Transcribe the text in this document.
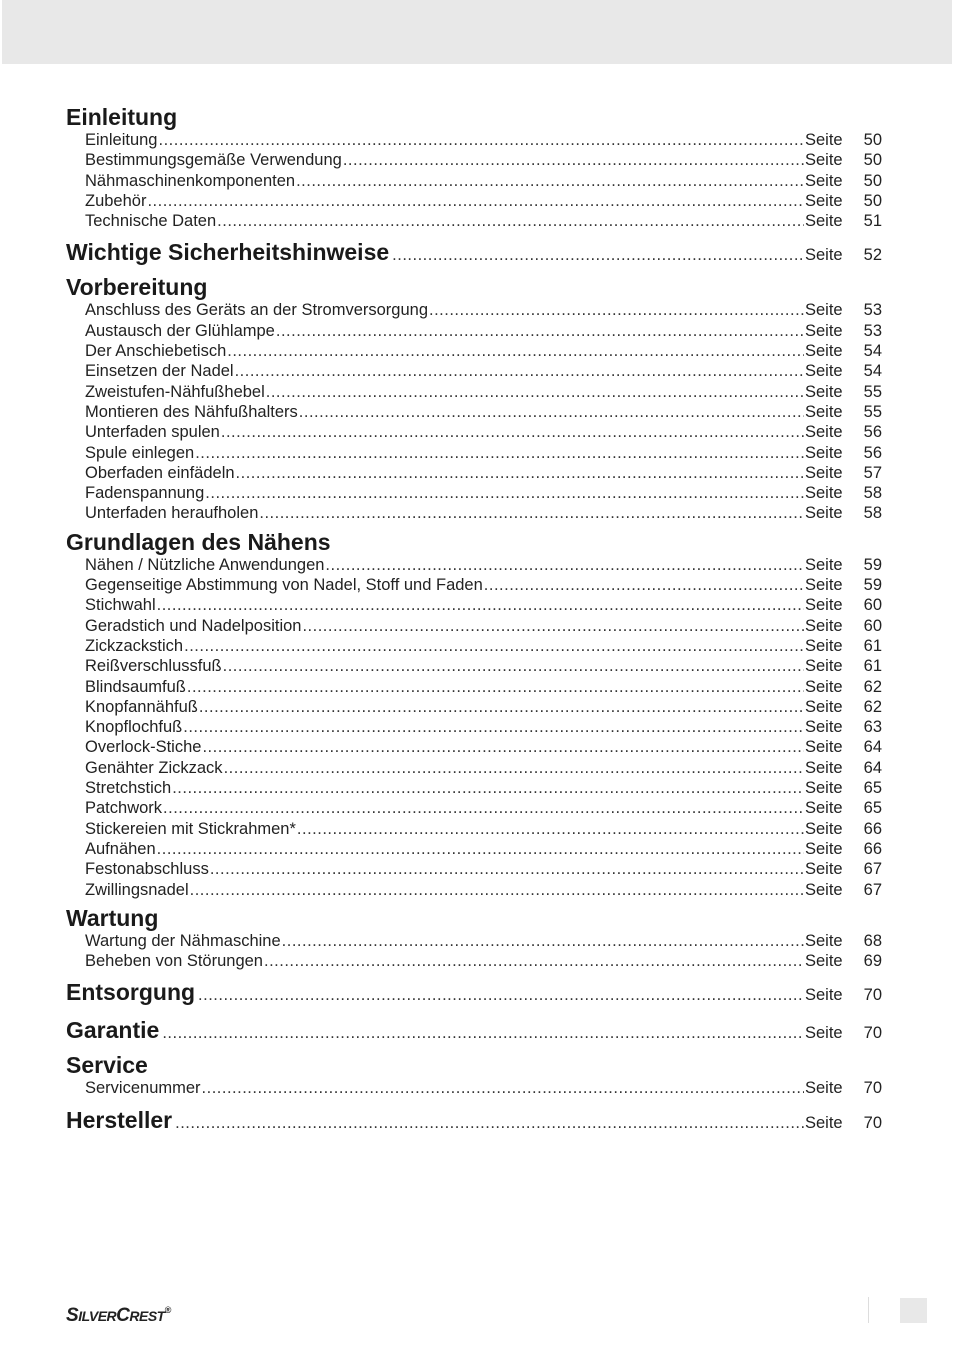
Einleitung
Einleitung .....	Seite	50
Bestimmungsgemäße Verwendung .....	Seite	50
Nähmaschinenkomponenten .....	Seite	50
Zubehör .....	Seite	50
Technische Daten .....	Seite	51
Wichtige Sicherheitshinweise .....	Seite	52
Vorbereitung
Anschluss des Geräts an der Stromversorgung .....	Seite	53
Austausch der Glühlampe .....	Seite	53
Der Anschiebetisch .....	Seite	54
Einsetzen der Nadel .....	Seite	54
Zweistufen-Nähfußhebel .....	Seite	55
Montieren des Nähfußhalters .....	Seite	55
Unterfaden spulen .....	Seite	56
Spule einlegen .....	Seite	56
Oberfaden einfädeln .....	Seite	57
Fadenspannung .....	Seite	58
Unterfaden heraufholen .....	Seite	58
Grundlagen des Nähens
Nähen / Nützliche Anwendungen .....	Seite	59
Gegenseitige Abstimmung von Nadel, Stoff und Faden .....	Seite	59
Stichwahl .....	Seite	60
Geradstich und Nadelposition .....	Seite	60
Zickzackstich .....	Seite	61
Reißverschlussfuß .....	Seite	61
Blindsaumfuß .....	Seite	62
Knopfannähfuß .....	Seite	62
Knopflochfuß .....	Seite	63
Overlock-Stiche .....	Seite	64
Genähter Zickzack .....	Seite	64
Stretchstich .....	Seite	65
Patchwork .....	Seite	65
Stickereien mit Stickrahmen* .....	Seite	66
Aufnähen .....	Seite	66
Festonabschluss .....	Seite	67
Zwillingsnadel .....	Seite	67
Wartung
Wartung der Nähmaschine .....	Seite	68
Beheben von Störungen .....	Seite	69
Entsorgung .....	Seite	70
Garantie .....	Seite	70
Service
Servicenummer .....	Seite	70
Hersteller .....	Seite	70
SILVERCREST®
